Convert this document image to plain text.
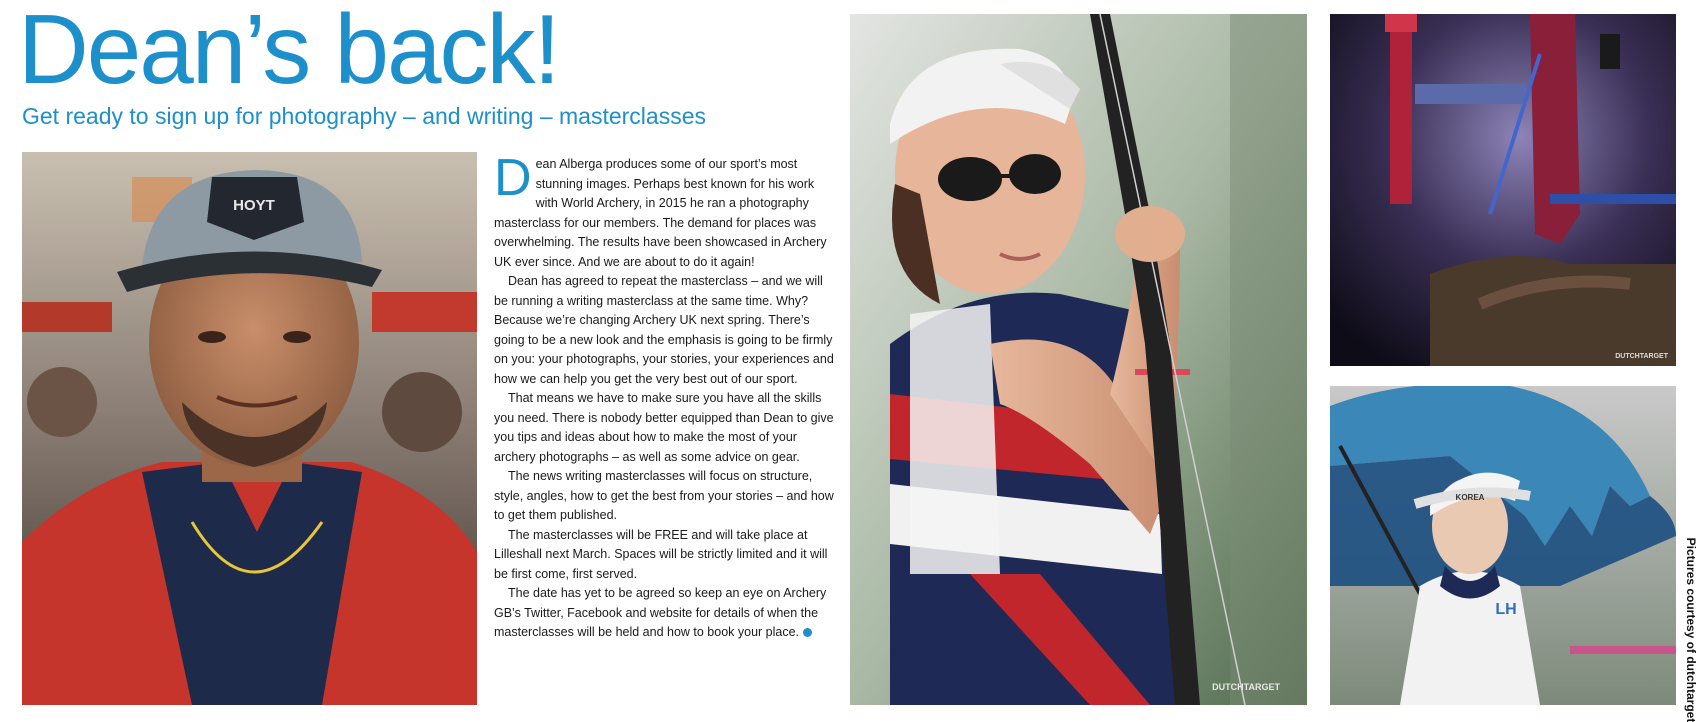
Dean’s back!
Get ready to sign up for photography – and writing – masterclasses
HOYT	D ean Alberga produces some of our sport’s most stunning images. Perhaps best known for his work with World Archery, in 2015 he ran a photography masterclass for our members. The demand for places was overwhelming. The results have been showcased in Archery UK ever since. And we are about to do it again!

Dean has agreed to repeat the masterclass – and we will be running a writing masterclass at the same time. Why? Because we’re changing Archery UK next spring. There’s going to be a new look and the emphasis is going to be firmly on you: your photographs, your stories, your experiences and how we can help you get the very best out of our sport.

That means we have to make sure you have all the skills you need. There is nobody better equipped than Dean to give you tips and ideas about how to make the most of your archery photographs – as well as some advice on gear.

The news writing masterclasses will focus on structure, style, angles, how to get the best from your stories – and how to get them published.

The masterclasses will be FREE and will take place at Lilleshall next March. Spaces will be strictly limited and it will be first come, first served.

The date has yet to be agreed so keep an eye on Archery GB’s Twitter, Facebook and website for details of when the masterclasses will be held and how to book your place.

DUTCHTARGET
DUTCHTARGET
KOREA
LH	Pictures courtesy of dutchtarget
